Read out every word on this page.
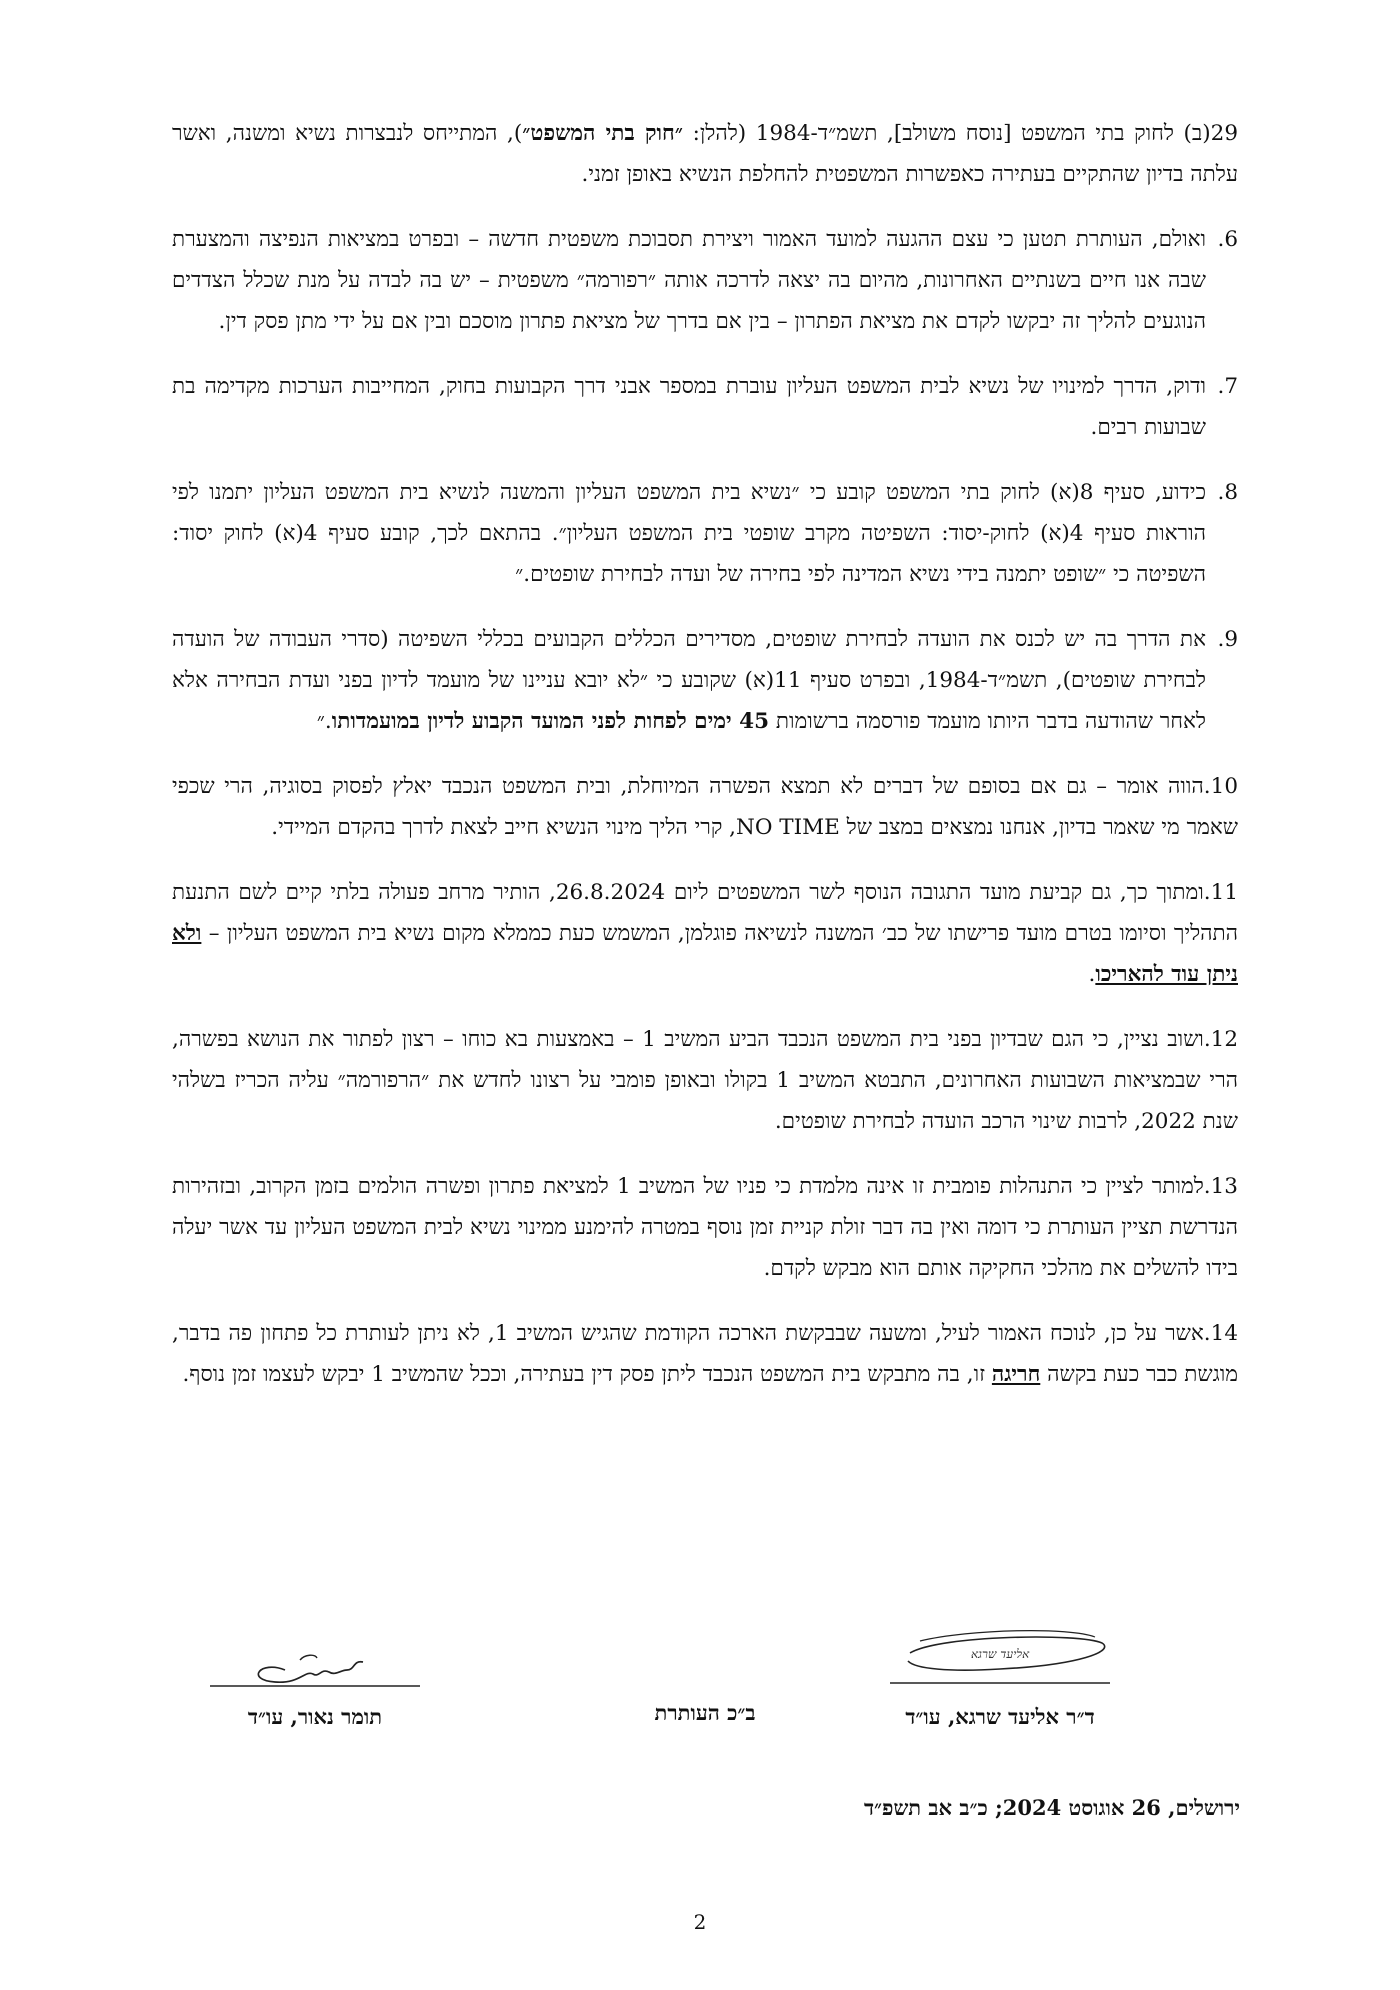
29(ב) לחוק בתי המשפט [נוסח משולב], תשמ״ד-1984 (להלן: ״חוק בתי המשפט״), המתייחס לנבצרות נשיא ומשנה, ואשר עלתה בדיון שהתקיים בעתירה כאפשרות המשפטית להחלפת הנשיא באופן זמני.

6.
ואולם, העותרת תטען כי עצם ההגעה למועד האמור ויצירת תסבוכת משפטית חדשה – ובפרט במציאות הנפיצה והמצערת שבה אנו חיים בשנתיים האחרונות, מהיום בה יצאה לדרכה אותה ״רפורמה״ משפטית – יש בה לבדה על מנת שכלל הצדדים הנוגעים להליך זה יבקשו לקדם את מציאת הפתרון – בין אם בדרך של מציאת פתרון מוסכם ובין אם על ידי מתן פסק דין.

7.
ודוק, הדרך למינויו של נשיא לבית המשפט העליון עוברת במספר אבני דרך הקבועות בחוק, המחייבות הערכות מקדימה בת שבועות רבים.

8.
כידוע, סעיף 8(א) לחוק בתי המשפט קובע כי ״נשיא בית המשפט העליון והמשנה לנשיא בית המשפט העליון יתמנו לפי הוראות סעיף 4(א) לחוק-יסוד: השפיטה מקרב שופטי בית המשפט העליון״. בהתאם לכך, קובע סעיף 4(א) לחוק יסוד: השפיטה כי ״שופט יתמנה בידי נשיא המדינה לפי בחירה של ועדה לבחירת שופטים.״

9.
את הדרך בה יש לכנס את הועדה לבחירת שופטים, מסדירים הכללים הקבועים בכללי השפיטה (סדרי העבודה של הועדה לבחירת שופטים), תשמ״ד-1984, ובפרט סעיף 11(א) שקובע כי ״לא יובא עניינו של מועמד לדיון בפני ועדת הבחירה אלא לאחר שהודעה בדבר היותו מועמד פורסמה ברשומות 45 ימים לפחות לפני המועד הקבוע לדיון במועמדותו.״

10.הווה אומר – גם אם בסופם של דברים לא תמצא הפשרה המיוחלת, ובית המשפט הנכבד יאלץ לפסוק בסוגיה, הרי שכפי שאמר מי שאמר בדיון, אנחנו נמצאים במצב של NO TIME, קרי הליך מינוי הנשיא חייב לצאת לדרך בהקדם המיידי.

11.ומתוך כך, גם קביעת מועד התגובה הנוסף לשר המשפטים ליום 26.8.2024, הותיר מרחב פעולה בלתי קיים לשם התנעת התהליך וסיומו בטרם מועד פרישתו של כב׳ המשנה לנשיאה פוגלמן, המשמש כעת כממלא מקום נשיא בית המשפט העליון – ולא ניתן עוד להאריכו.

12.ושוב נציין, כי הגם שבדיון בפני בית המשפט הנכבד הביע המשיב 1 – באמצעות בא כוחו – רצון לפתור את הנושא בפשרה, הרי שבמציאות השבועות האחרונים, התבטא המשיב 1 בקולו ובאופן פומבי על רצונו לחדש את ״הרפורמה״ עליה הכריז בשלהי שנת 2022, לרבות שינוי הרכב הועדה לבחירת שופטים.

13.למותר לציין כי התנהלות פומבית זו אינה מלמדת כי פניו של המשיב 1 למציאת פתרון ופשרה הולמים בזמן הקרוב, ובזהירות הנדרשת תציין העותרת כי דומה ואין בה דבר זולת קניית זמן נוסף במטרה להימנע ממינוי נשיא לבית המשפט העליון עד אשר יעלה בידו להשלים את מהלכי החקיקה אותם הוא מבקש לקדם.

14.אשר על כן, לנוכח האמור לעיל, ומשעה שבבקשת הארכה הקודמת שהגיש המשיב 1, לא ניתן לעותרת כל פתחון פה בדבר, מוגשת כבר כעת בקשה חריגה זו, בה מתבקש בית המשפט הנכבד ליתן פסק דין בעתירה, וככל שהמשיב 1 יבקש לעצמו זמן נוסף.

אליעד שרגא
ד״ר אליעד שרגא, עו״ד
תומר נאור, עו״ד	ב״כ העותרת
ירושלים, 26 אוגוסט 2024; כ״ב אב תשפ״ד
2
